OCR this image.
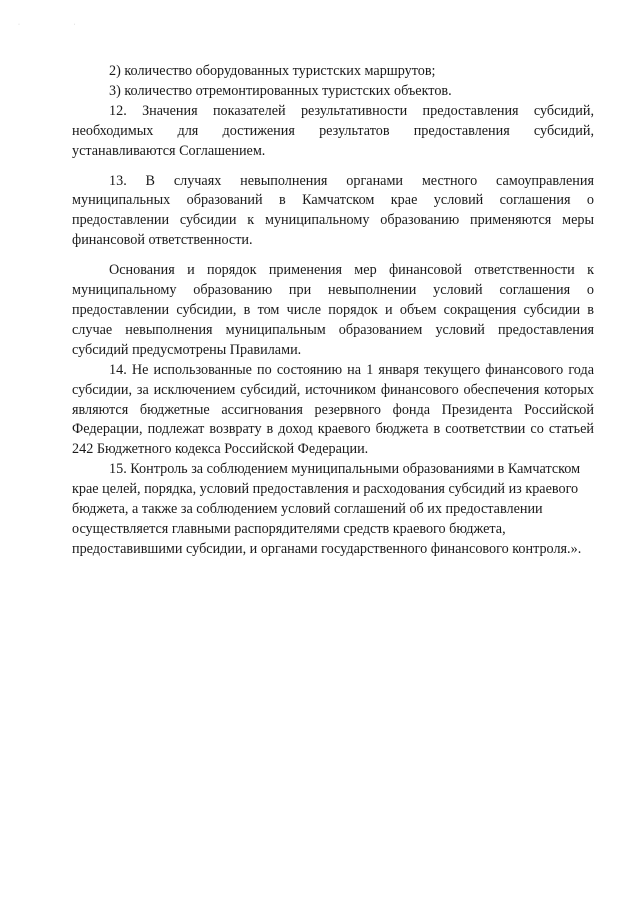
· ·

2) количество оборудованных туристских маршрутов;

3) количество отремонтированных туристских объектов.

12. Значения показателей результативности предоставления субсидий, необходимых для достижения результатов предоставления субсидий, устанавливаются Соглашением.

13. В случаях невыполнения органами местного самоуправления муниципальных образований в Камчатском крае условий соглашения о предоставлении субсидии к муниципальному образованию применяются меры финансовой ответственности.

Основания и порядок применения мер финансовой ответственности к муниципальному образованию при невыполнении условий соглашения о предоставлении субсидии, в том числе порядок и объем сокращения субсидии в случае невыполнения муниципальным образованием условий предоставления субсидий предусмотрены Правилами.

14. Не использованные по состоянию на 1 января текущего финансового года субсидии, за исключением субсидий, источником финансового обеспечения которых являются бюджетные ассигнования резервного фонда Президента Российской Федерации, подлежат возврату в доход краевого бюджета в соответствии со статьей 242 Бюджетного кодекса Российской Федерации.

15. Контроль за соблюдением муниципальными образованиями в Камчатском крае целей, порядка, условий предоставления и расходования субсидий из краевого бюджета, а также за соблюдением условий соглашений об их предоставлении осуществляется главными распорядителями средств краевого бюджета, предоставившими субсидии, и органами государственного финансового контроля.».
